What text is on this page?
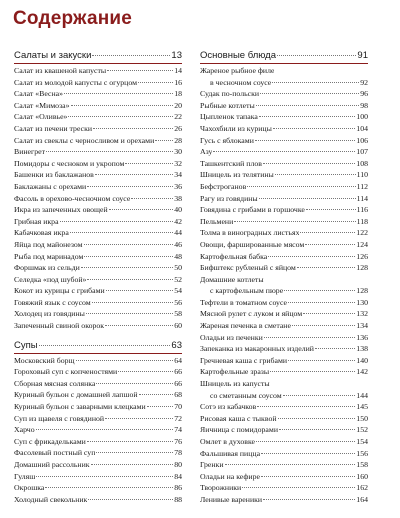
Содержание
Салаты и закуски	13
Салат из квашеной капусты	14
Салат из молодой капусты с огурцом	16
Салат «Весна»	18
Салат «Мимоза»	20
Салат «Оливье»	22
Салат из печени трески	26
Салат из свеклы с черносливом и орехами	28
Винегрет	30
Помидоры с чесноком и укропом	32
Башенки из баклажанов	34
Баклажаны с орехами	36
Фасоль в орехово-чесночном соусе	38
Икра из запеченных овощей	40
Грибная икра	42
Кабачковая икра	44
Яйца под майонезом	46
Рыба под маринадом	48
Форшмак из сельди	50
Селедка «под шубой»	52
Кокот из курицы с грибами	54
Говяжий язык с соусом	56
Холодец из говядины	58
Запеченный свиной окорок	60
Супы	63
Московский борщ	64
Гороховый суп с копченостями	66
Сборная мясная солянка	66
Куриный бульон с домашней лапшой	68
Куриный бульон с заварными клецками	70
Суп из щавеля с говядиной	72
Харчо	74
Суп с фрикадельками	76
Фасолевый постный суп	78
Домашний рассольник	80
Гуляш	84
Окрошка	86
Холодный свекольник	88
Основные блюда	91
Жареное рыбное филе
в чесночном соусе	92
Судак по-польски	96
Рыбные котлеты	98
Цыпленок тапака	100
Чахохбили из курицы	104
Гусь с яблоками	106
Азу	107
Ташкентский плов	108
Шницель из телятины	110
Бефстроганов	112
Рагу из говядины	114
Говядина с грибами в горшочке	116
Пельмени	118
Толма в виноградных листьях	122
Овощи, фаршированные мясом	124
Картофельная бабка	126
Бифштекс рубленый с яйцом	128
Домашние котлеты
с картофельным пюре	128
Тефтели в томатном соусе	130
Мясной рулет с луком и яйцом	132
Жареная печенка в сметане	134
Оладьи из печенки	136
Запеканка из макаронных изделий	138
Гречневая каша с грибами	140
Картофельные зразы	142
Шницель из капусты
со сметанным соусом	144
Сотэ из кабачков	145
Рисовая каша с тыквой	150
Яичница с помидорами	152
Омлет в духовке	154
Фальшивая пицца	156
Гренки	158
Оладьи на кефире	160
Творожники	162
Ленивые вареники	164
